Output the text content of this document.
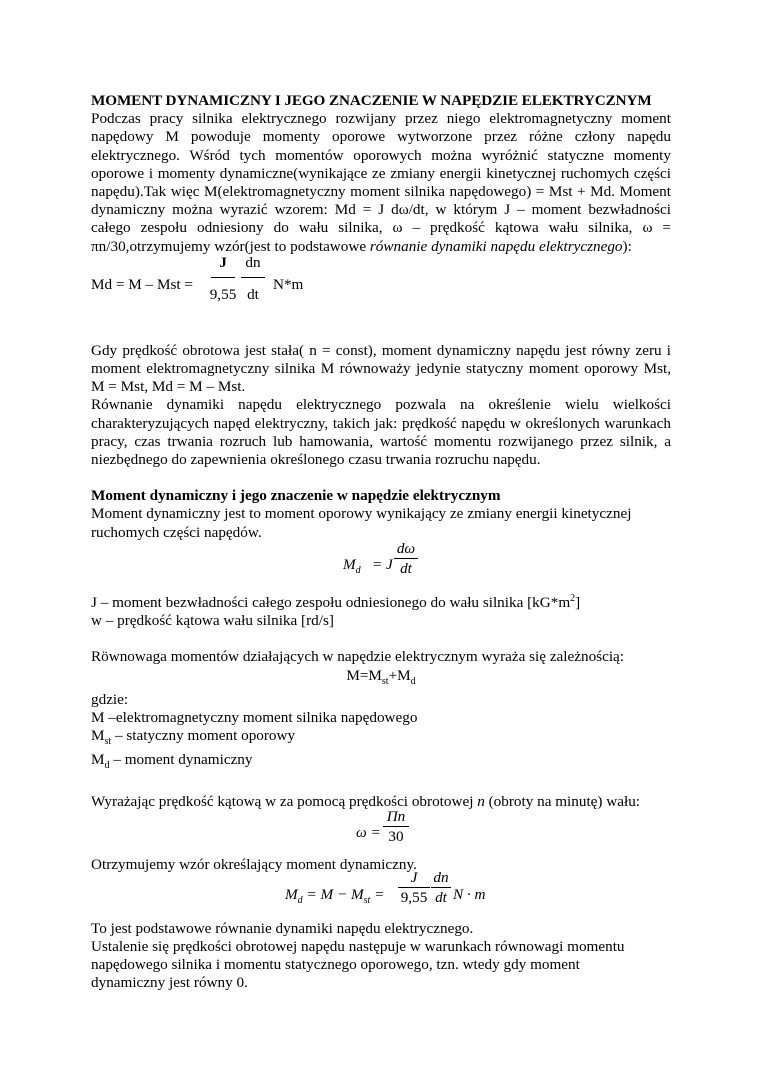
MOMENT DYNAMICZNY I JEGO ZNACZENIE W NAPĘDZIE ELEKTRYCZNYM

Podczas pracy silnika elektrycznego rozwijany przez niego elektromagnetyczny moment napędowy M powoduje momenty oporowe wytworzone przez różne człony napędu elektrycznego. Wśród tych momentów oporowych można wyróżnić statyczne momenty oporowe i momenty dynamiczne(wynikające ze zmiany energii kinetycznej ruchomych części napędu).Tak więc M(elektromagnetyczny moment silnika napędowego) = Mst + Md. Moment dynamiczny można wyrazić wzorem: Md = J dω/dt, w którym J – moment bezwładności całego zespołu odniesiony do wału silnika, ω – prędkość kątowa wału silnika, ω = πn/30,otrzymujemy wzór(jest to podstawowe równanie dynamiki napędu elektrycznego):

Md = M – Mst =
J
9,55
dn
dt
N*m

Gdy prędkość obrotowa jest stała( n = const), moment dynamiczny napędu jest równy zeru i moment elektromagnetyczny silnika M równoważy jedynie statyczny moment oporowy Mst, M = Mst, Md = M – Mst.

Równanie dynamiki napędu elektrycznego pozwala na określenie wielu wielkości charakteryzujących napęd elektryczny, takich jak: prędkość napędu w określonych warunkach pracy, czas trwania rozruch lub hamowania, wartość momentu rozwijanego przez silnik, a niezbędnego do zapewnienia określonego czasu trwania rozruchu napędu.

Moment dynamiczny i jego znaczenie w napędzie elektrycznym
Moment dynamiczny jest to moment oporowy wynikający ze zmiany energii kinetycznej ruchomych części napędów.
$M_d = J$
dω
dt

J – moment bezwładności całego zespołu odniesionego do wału silnika $[kG*m^2]$

w – prędkość kątowa wału silnika [rd/s]

Rӧwnowaga momentów działających w napędzie elektrycznym wyraża się zależnością:
$M=M_{st}+M_d$

gdzie:

M –elektromagnetyczny moment silnika napędowego

$M_{st}$ – statyczny moment oporowy

$M_d$ – moment dynamiczny

Wyrażając prędkość kątową w za pomocą prędkości obrotowej n (obroty na minutę) wału:
ω =
Πn
30
Otrzymujemy wzór określający moment dynamiczny.
$M_d = M - M_{st}$ =
J
9,55
dn
dt N · m

To jest podstawowe równanie dynamiki napędu elektrycznego.

Ustalenie się prędkości obrotowej napędu następuje w warunkach równowagi momentu napędowego silnika i momentu statycznego oporowego, tzn. wtedy gdy moment dynamiczny jest równy 0.
